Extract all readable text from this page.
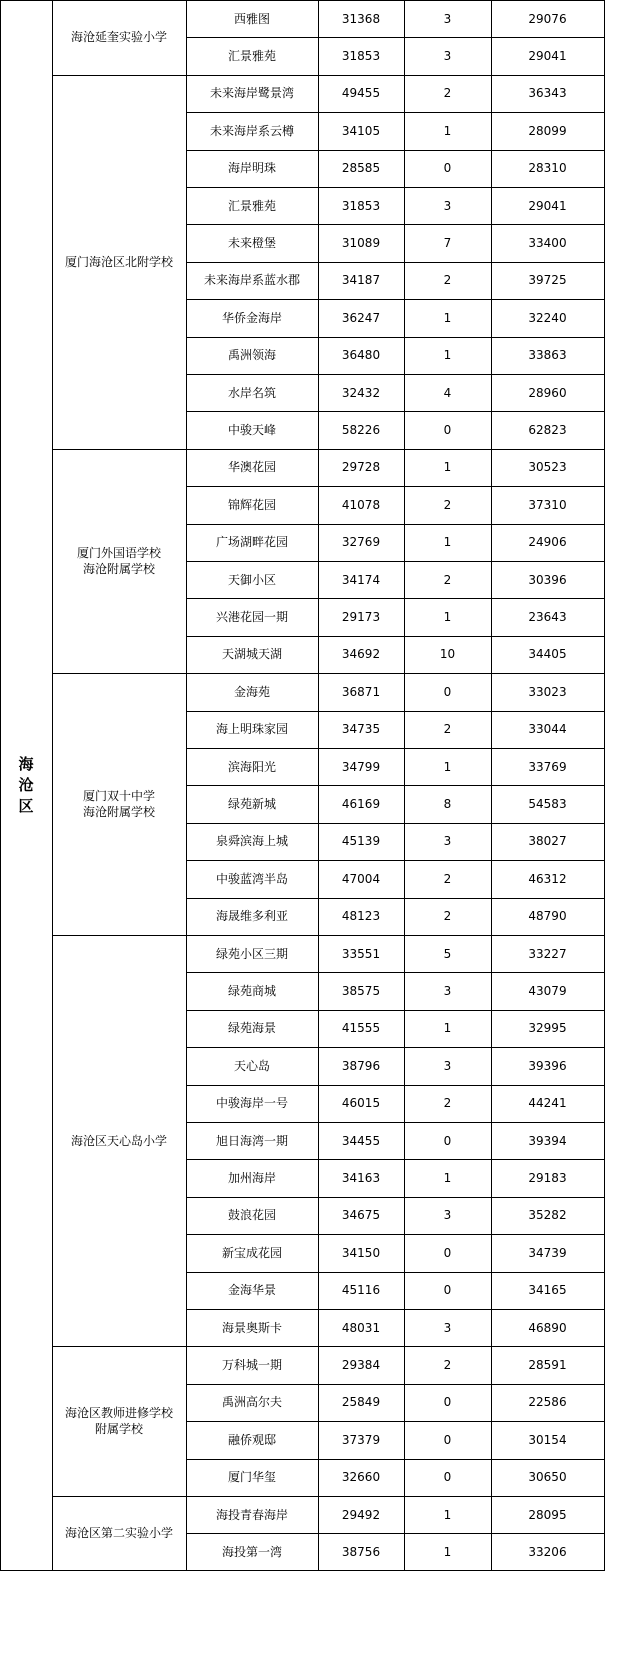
海
沧
区
海沧延奎实验小学
西雅图	31368	3	29076
汇景雅苑	31853	3	29041
厦门海沧区北附学校
未来海岸鹭景湾	49455	2	36343
未来海岸系云樽	34105	1	28099
海岸明珠	28585	0	28310
汇景雅苑	31853	3	29041
未来橙堡	31089	7	33400
未来海岸系蓝水郡	34187	2	39725
华侨金海岸	36247	1	32240
禹洲领海	36480	1	33863
水岸名筑	32432	4	28960
中骏天峰	58226	0	62823
厦门外国语学校
海沧附属学校
华澳花园	29728	1	30523
锦辉花园	41078	2	37310
广场湖畔花园	32769	1	24906
天御小区	34174	2	30396
兴港花园一期	29173	1	23643
天湖城天湖	34692	10	34405
厦门双十中学
海沧附属学校
金海苑	36871	0	33023
海上明珠家园	34735	2	33044
滨海阳光	34799	1	33769
绿苑新城	46169	8	54583
泉舜滨海上城	45139	3	38027
中骏蓝湾半岛	47004	2	46312
海晟维多利亚	48123	2	48790
海沧区天心岛小学
绿苑小区三期	33551	5	33227
绿苑商城	38575	3	43079
绿苑海景	41555	1	32995
天心岛	38796	3	39396
中骏海岸一号	46015	2	44241
旭日海湾一期	34455	0	39394
加州海岸	34163	1	29183
鼓浪花园	34675	3	35282
新宝成花园	34150	0	34739
金海华景	45116	0	34165
海景奥斯卡	48031	3	46890
海沧区教师进修学校
附属学校
万科城一期	29384	2	28591
禹洲高尔夫	25849	0	22586
融侨观邸	37379	0	30154
厦门华玺	32660	0	30650
海沧区第二实验小学
海投青春海岸	29492	1	28095
海投第一湾	38756	1	33206
